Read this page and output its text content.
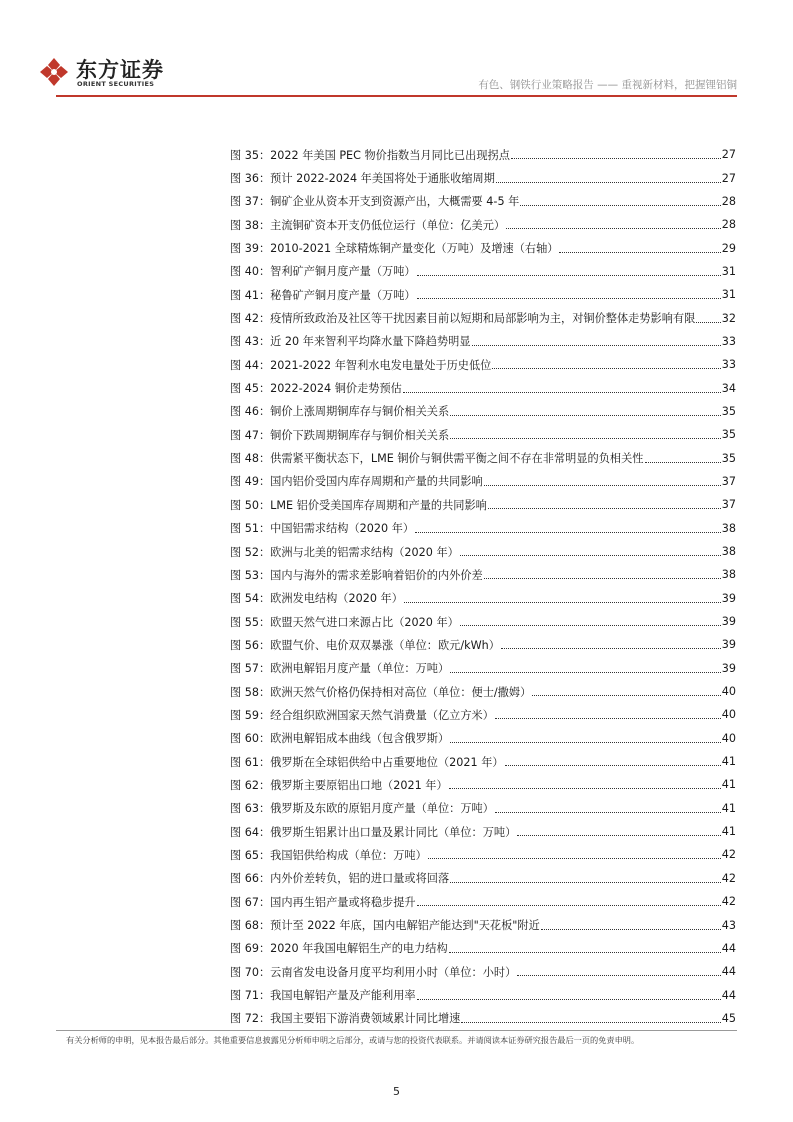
东方证券
ORIENT SECURITIES	有色、钢铁行业策略报告 —— 重视新材料，把握锂铝铜
图 35：2022 年美国 PEC 物价指数当月同比已出现拐点	27
图 36：预计 2022-2024 年美国将处于通胀收缩周期	27
图 37：铜矿企业从资本开支到资源产出，大概需要 4-5 年	28
图 38：主流铜矿资本开支仍低位运行（单位：亿美元）	28
图 39：2010-2021 全球精炼铜产量变化（万吨）及增速（右轴）	29
图 40：智利矿产铜月度产量（万吨）	31
图 41：秘鲁矿产铜月度产量（万吨）	31
图 42：疫情所致政治及社区等干扰因素目前以短期和局部影响为主，对铜价整体走势影响有限 32
图 43：近 20 年来智利平均降水量下降趋势明显	33
图 44：2021-2022 年智利水电发电量处于历史低位	33
图 45：2022-2024 铜价走势预估	34
图 46：铜价上涨周期铜库存与铜价相关关系	35
图 47：铜价下跌周期铜库存与铜价相关关系	35
图 48：供需紧平衡状态下，LME 铜价与铜供需平衡之间不存在非常明显的负相关性	35
图 49：国内铝价受国内库存周期和产量的共同影响	37
图 50：LME 铝价受美国库存周期和产量的共同影响	37
图 51：中国铝需求结构（2020 年）	38
图 52：欧洲与北美的铝需求结构（2020 年）	38
图 53：国内与海外的需求差影响着铝价的内外价差	38
图 54：欧洲发电结构（2020 年）	39
图 55：欧盟天然气进口来源占比（2020 年）	39
图 56：欧盟气价、电价双双暴涨（单位：欧元/kWh）	39
图 57：欧洲电解铝月度产量（单位：万吨）	39
图 58：欧洲天然气价格仍保持相对高位（单位：便士/撒姆）	40
图 59：经合组织欧洲国家天然气消费量（亿立方米）	40
图 60：欧洲电解铝成本曲线（包含俄罗斯）	40
图 61：俄罗斯在全球铝供给中占重要地位（2021 年）	41
图 62：俄罗斯主要原铝出口地（2021 年）	41
图 63：俄罗斯及东欧的原铝月度产量（单位：万吨）	41
图 64：俄罗斯生铝累计出口量及累计同比（单位：万吨）	41
图 65：我国铝供给构成（单位：万吨）	42
图 66：内外价差转负，铝的进口量或将回落	42
图 67：国内再生铝产量或将稳步提升	42
图 68：预计至 2022 年底，国内电解铝产能达到"天花板"附近	43
图 69：2020 年我国电解铝生产的电力结构	44
图 70：云南省发电设备月度平均利用小时（单位：小时）	44
图 71：我国电解铝产量及产能利用率	44
图 72：我国主要铝下游消费领域累计同比增速	45
有关分析师的申明，见本报告最后部分。其他重要信息披露见分析师申明之后部分，或请与您的投资代表联系。并请阅读本证券研究报告最后一页的免责申明。
5
